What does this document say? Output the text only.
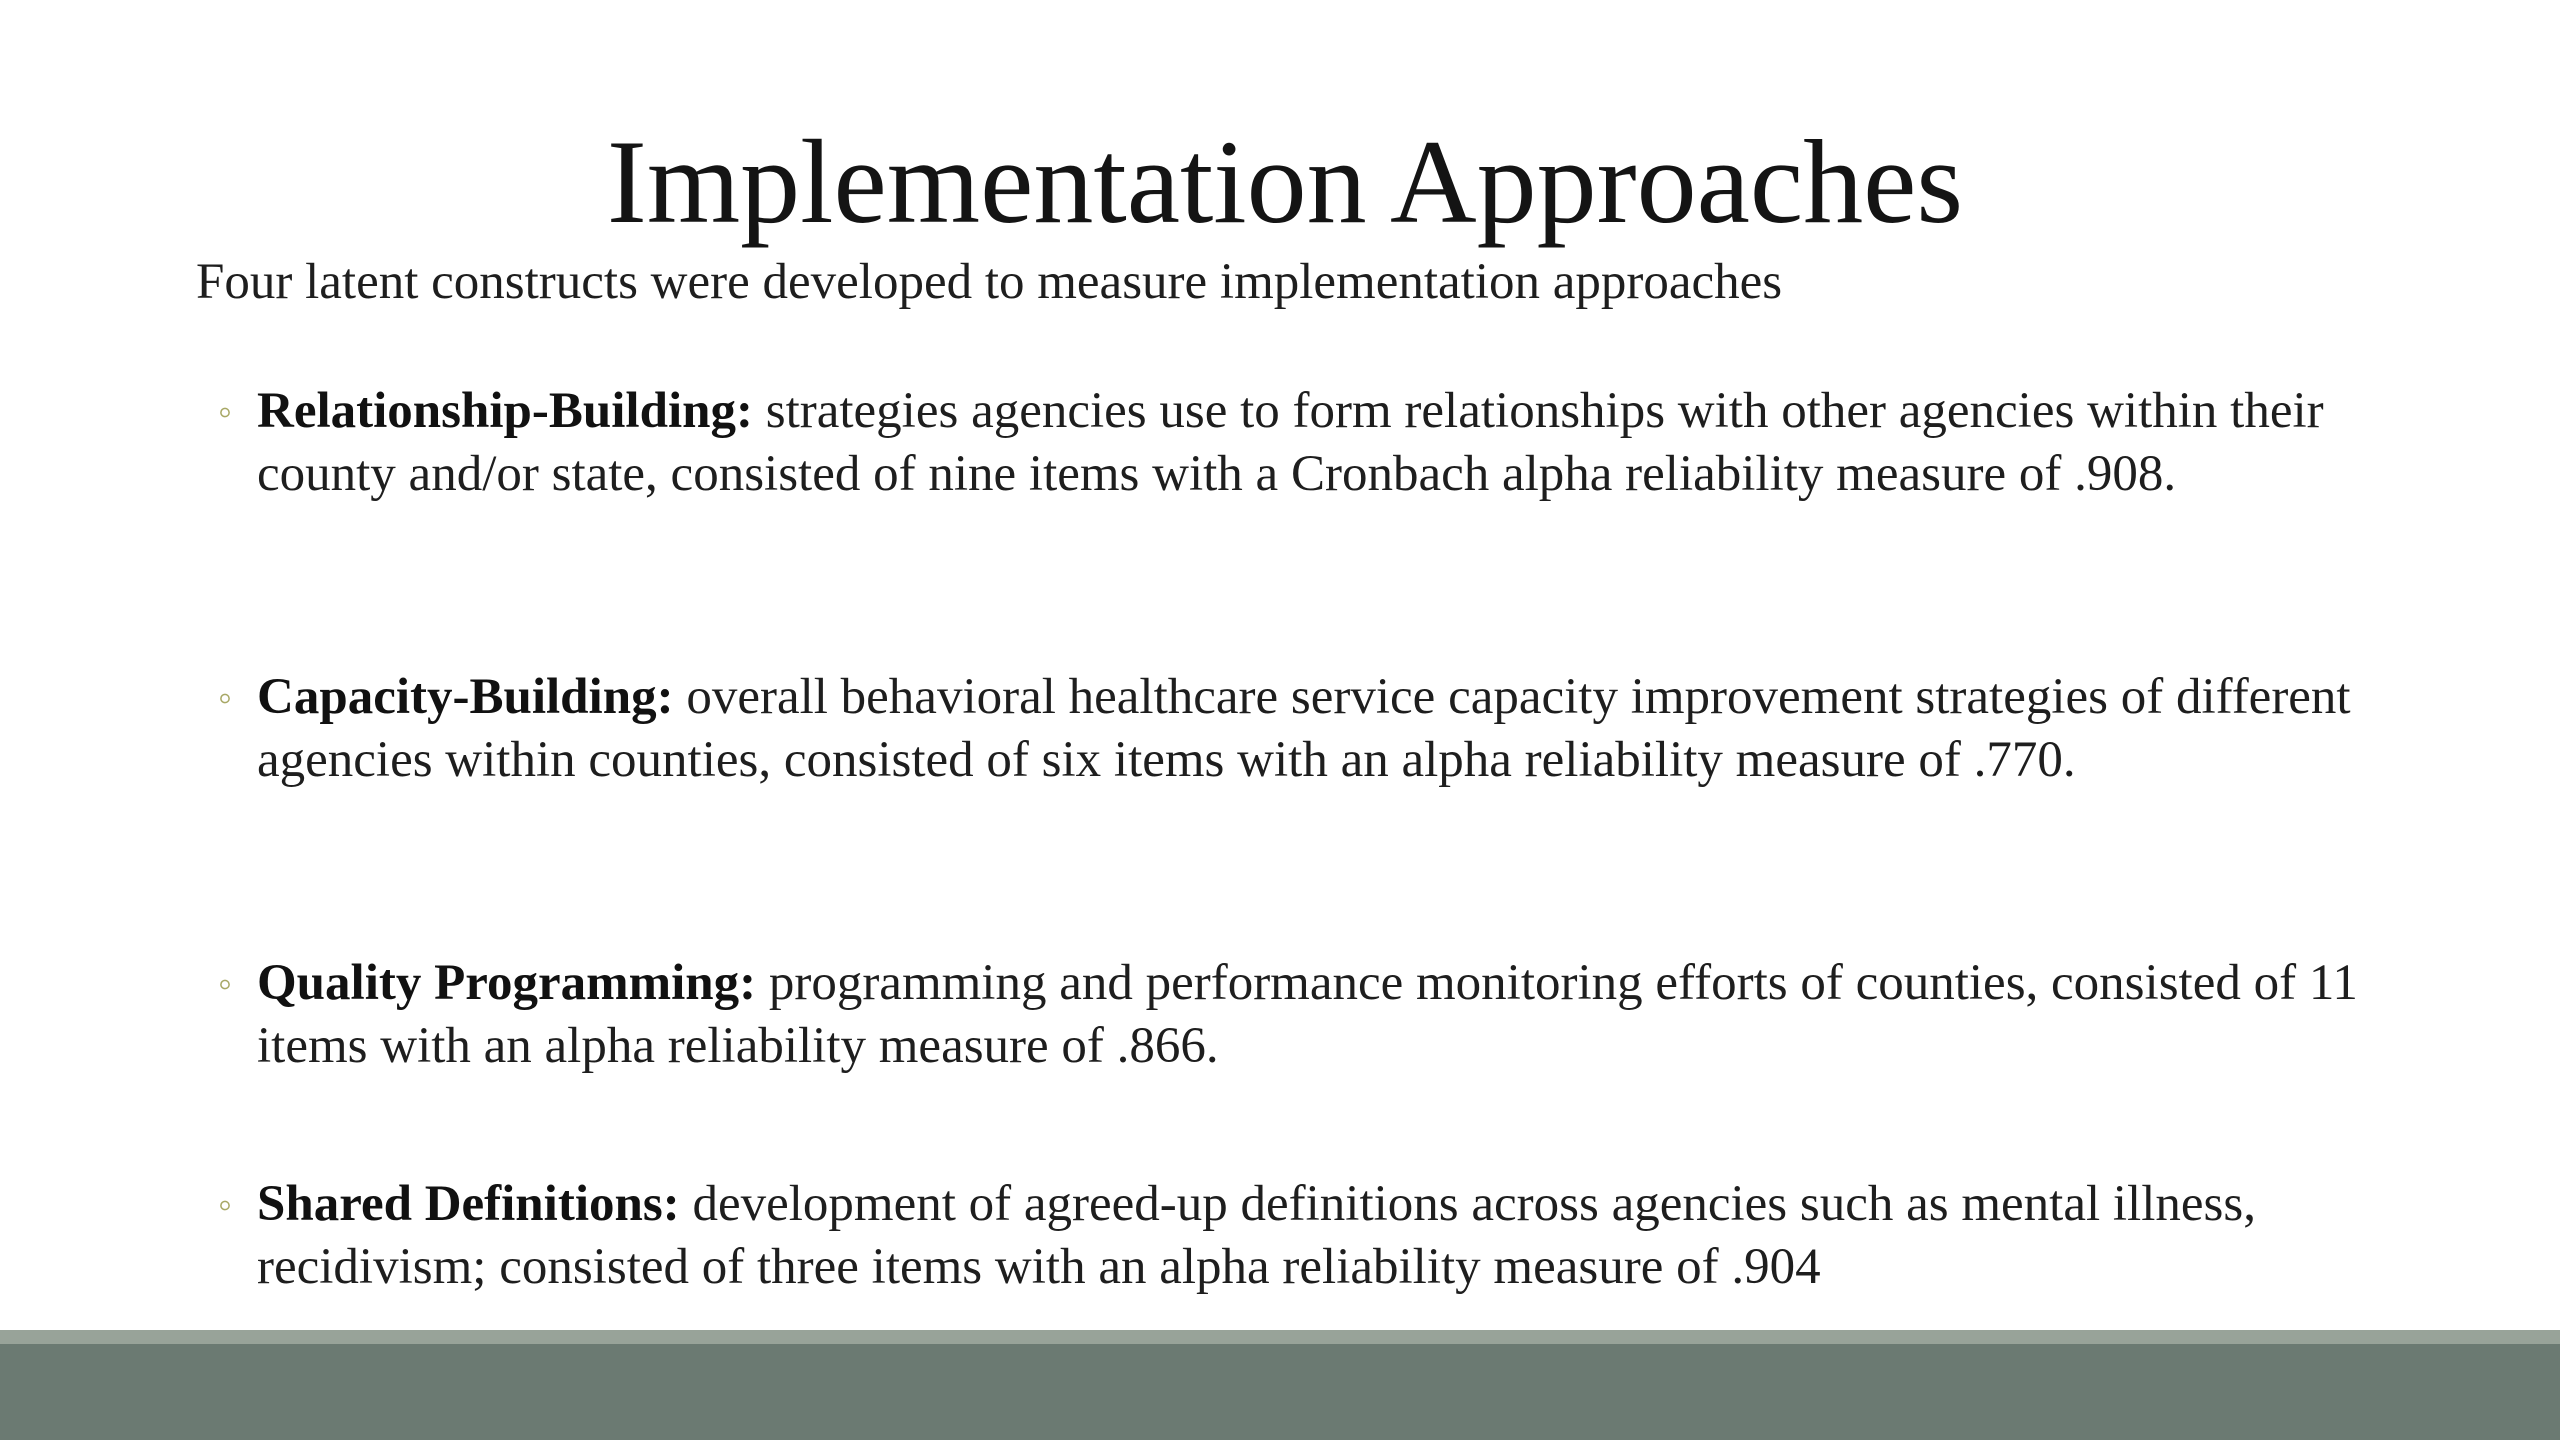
Implementation Approaches

Four latent constructs were developed to measure implementation approaches

◦ Relationship-Building: strategies agencies use to form relationships with other agencies within their county and/or state, consisted of nine items with a Cronbach alpha reliability measure of .908.
◦ Capacity-Building: overall behavioral healthcare service capacity improvement strategies of different agencies within counties, consisted of six items with an alpha reliability measure of .770.
◦ Quality Programming: programming and performance monitoring efforts of counties, consisted of 11 items with an alpha reliability measure of .866.
◦ Shared Definitions: development of agreed-up definitions across agencies such as mental illness, recidivism; consisted of three items with an alpha reliability measure of .904
